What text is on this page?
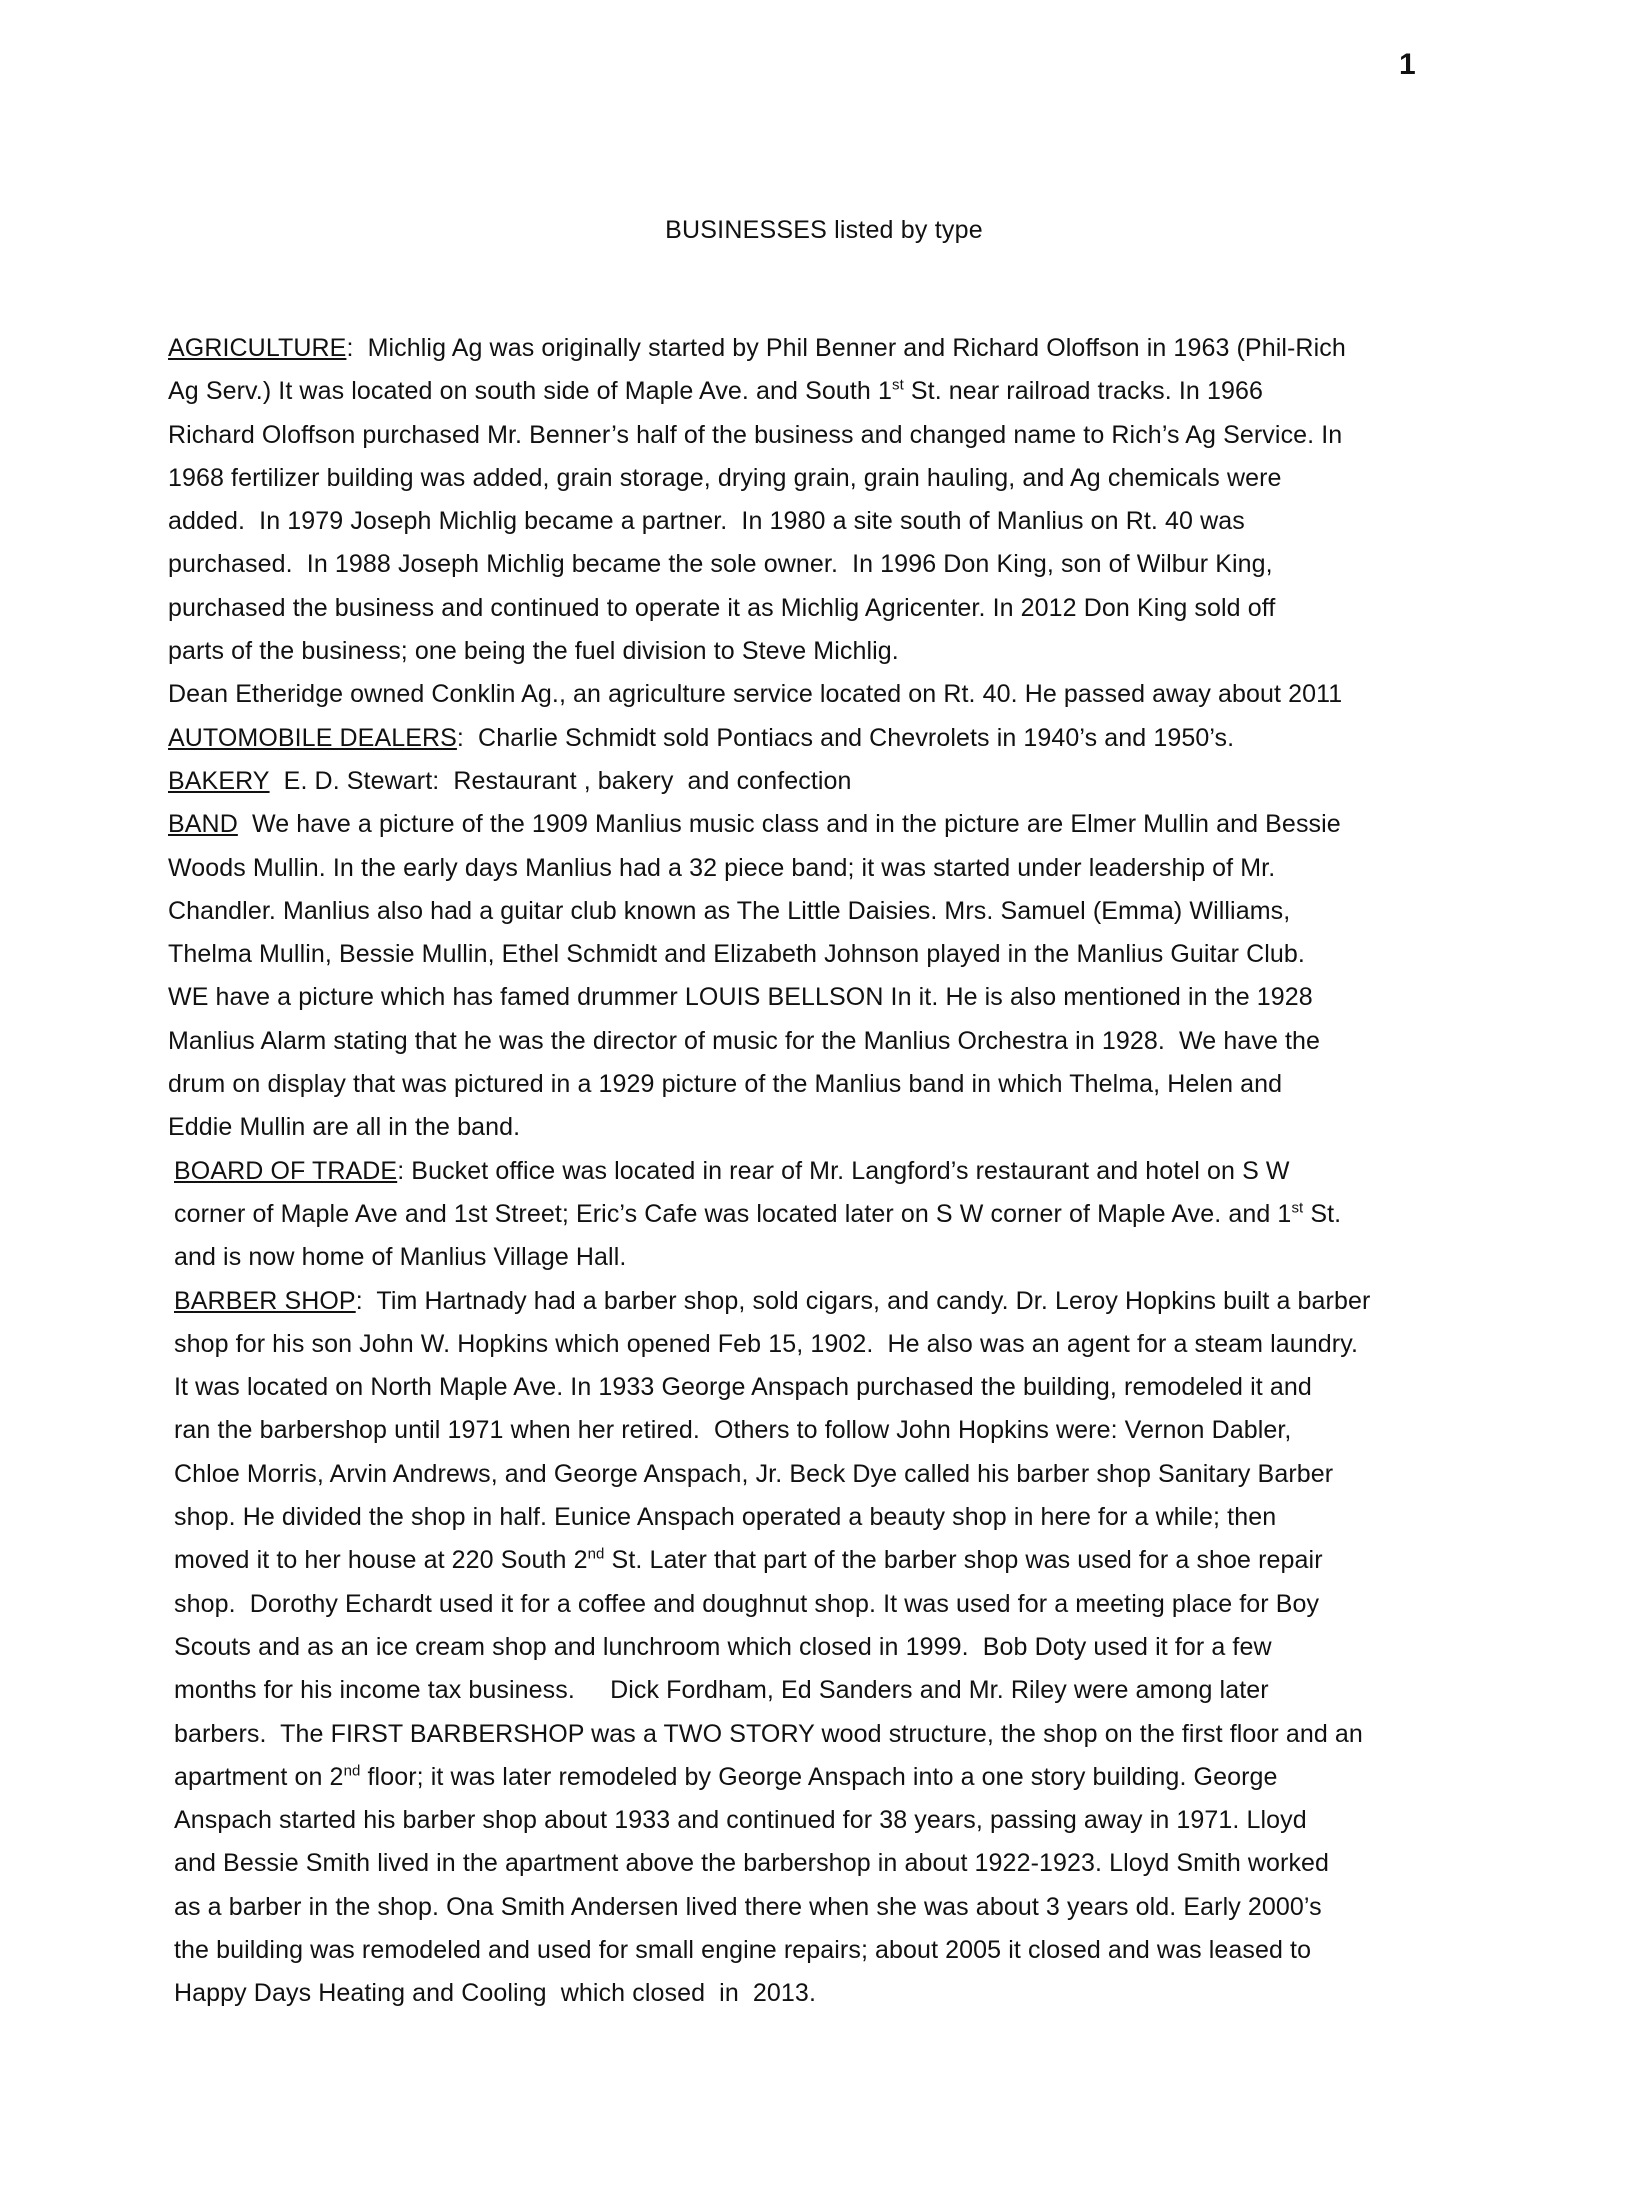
1
BUSINESSES listed by type
AGRICULTURE:  Michlig Ag was originally started by Phil Benner and Richard Oloffson in 1963 (Phil-Rich
Ag Serv.) It was located on south side of Maple Ave. and South 1st St. near railroad tracks. In 1966
Richard Oloffson purchased Mr. Benner’s half of the business and changed name to Rich’s Ag Service. In
1968 fertilizer building was added, grain storage, drying grain, grain hauling, and Ag chemicals were
added.  In 1979 Joseph Michlig became a partner.  In 1980 a site south of Manlius on Rt. 40 was
purchased.  In 1988 Joseph Michlig became the sole owner.  In 1996 Don King, son of Wilbur King,
purchased the business and continued to operate it as Michlig Agricenter. In 2012 Don King sold off
parts of the business; one being the fuel division to Steve Michlig.
Dean Etheridge owned Conklin Ag., an agriculture service located on Rt. 40. He passed away about 2011
AUTOMOBILE DEALERS:  Charlie Schmidt sold Pontiacs and Chevrolets in 1940’s and 1950’s.
BAKERY  E. D. Stewart:  Restaurant , bakery  and confection
BAND  We have a picture of the 1909 Manlius music class and in the picture are Elmer Mullin and Bessie
Woods Mullin. In the early days Manlius had a 32 piece band; it was started under leadership of Mr.
Chandler. Manlius also had a guitar club known as The Little Daisies. Mrs. Samuel (Emma) Williams,
Thelma Mullin, Bessie Mullin, Ethel Schmidt and Elizabeth Johnson played in the Manlius Guitar Club.
WE have a picture which has famed drummer LOUIS BELLSON In it. He is also mentioned in the 1928
Manlius Alarm stating that he was the director of music for the Manlius Orchestra in 1928.  We have the
drum on display that was pictured in a 1929 picture of the Manlius band in which Thelma, Helen and
Eddie Mullin are all in the band.
BOARD OF TRADE: Bucket office was located in rear of Mr. Langford’s restaurant and hotel on S W
corner of Maple Ave and 1st Street; Eric’s Cafe was located later on S W corner of Maple Ave. and 1st St.
and is now home of Manlius Village Hall.
BARBER SHOP:  Tim Hartnady had a barber shop, sold cigars, and candy. Dr. Leroy Hopkins built a barber
shop for his son John W. Hopkins which opened Feb 15, 1902.  He also was an agent for a steam laundry.
It was located on North Maple Ave. In 1933 George Anspach purchased the building, remodeled it and
ran the barbershop until 1971 when her retired.  Others to follow John Hopkins were: Vernon Dabler,
Chloe Morris, Arvin Andrews, and George Anspach, Jr. Beck Dye called his barber shop Sanitary Barber
shop. He divided the shop in half. Eunice Anspach operated a beauty shop in here for a while; then
moved it to her house at 220 South 2nd St. Later that part of the barber shop was used for a shoe repair
shop.  Dorothy Echardt used it for a coffee and doughnut shop. It was used for a meeting place for Boy
Scouts and as an ice cream shop and lunchroom which closed in 1999.  Bob Doty used it for a few
months for his income tax business.     Dick Fordham, Ed Sanders and Mr. Riley were among later
barbers.  The FIRST BARBERSHOP was a TWO STORY wood structure, the shop on the first floor and an
apartment on 2nd floor; it was later remodeled by George Anspach into a one story building. George
Anspach started his barber shop about 1933 and continued for 38 years, passing away in 1971. Lloyd
and Bessie Smith lived in the apartment above the barbershop in about 1922-1923. Lloyd Smith worked
as a barber in the shop. Ona Smith Andersen lived there when she was about 3 years old. Early 2000’s
the building was remodeled and used for small engine repairs; about 2005 it closed and was leased to
Happy Days Heating and Cooling  which closed  in  2013.
